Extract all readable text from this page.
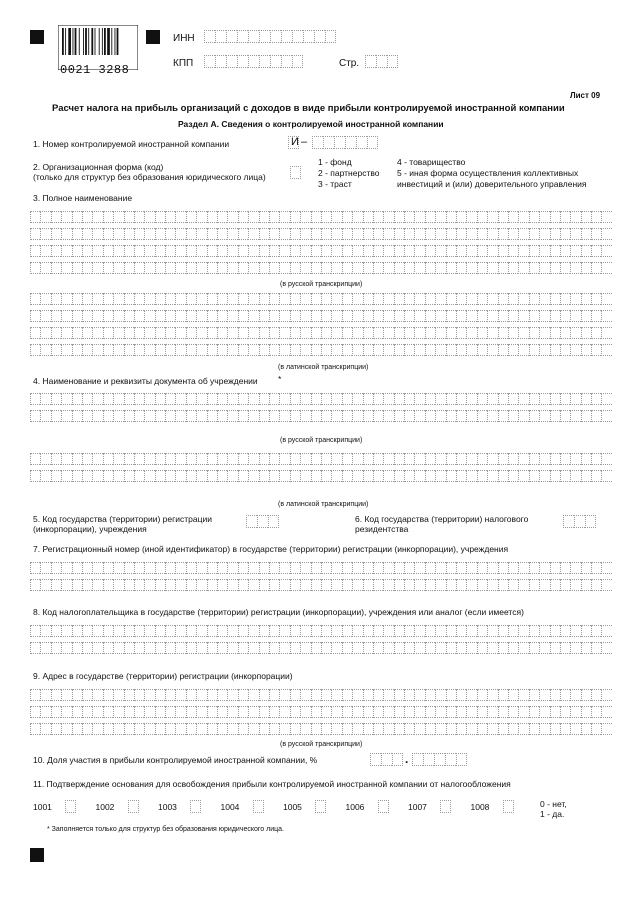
0021 3288
ИНН
КПП	Стр.
Лист 09
Расчет налога на прибыль организаций с доходов в виде прибыли контролируемой иностранной компании
Раздел А. Сведения о контролируемой иностранной компании
1. Номер контролируемой иностранной компании	И –
2. Организационная форма (код)
(только для структур без образования юридического лица)
1 - фонд
2 - партнерство
3 - траст
4 - товарищество
5 - иная форма осуществления коллективных
инвестиций и (или) доверительного управления
3. Полное наименование
(в русской транскрипции)
(в латинской транскрипции)
4. Наименование и реквизиты документа об учреждении *
(в русской транскрипции)
(в латинской транскрипции)
5. Код государства (территории) регистрации
(инкорпорации), учреждения
6. Код государства (территории) налогового
резидентства
7. Регистрационный номер (иной идентификатор) в государстве (территории) регистрации (инкорпорации), учреждения
8. Код налогоплательщика в государстве (территории) регистрации (инкорпорации), учреждения или аналог (если имеется)
9. Адрес в государстве (территории) регистрации (инкорпорации)
(в русской транскрипции)
10. Доля участия в прибыли контролируемой иностранной компании, %	.
11. Подтверждение основания для освобождения прибыли контролируемой иностранной компании от налогообложения
1001	1002	1003	1004	1005	1006	1007	1008	0 - нет,
1 - да.
* Заполняется только для структур без образования юридического лица.
